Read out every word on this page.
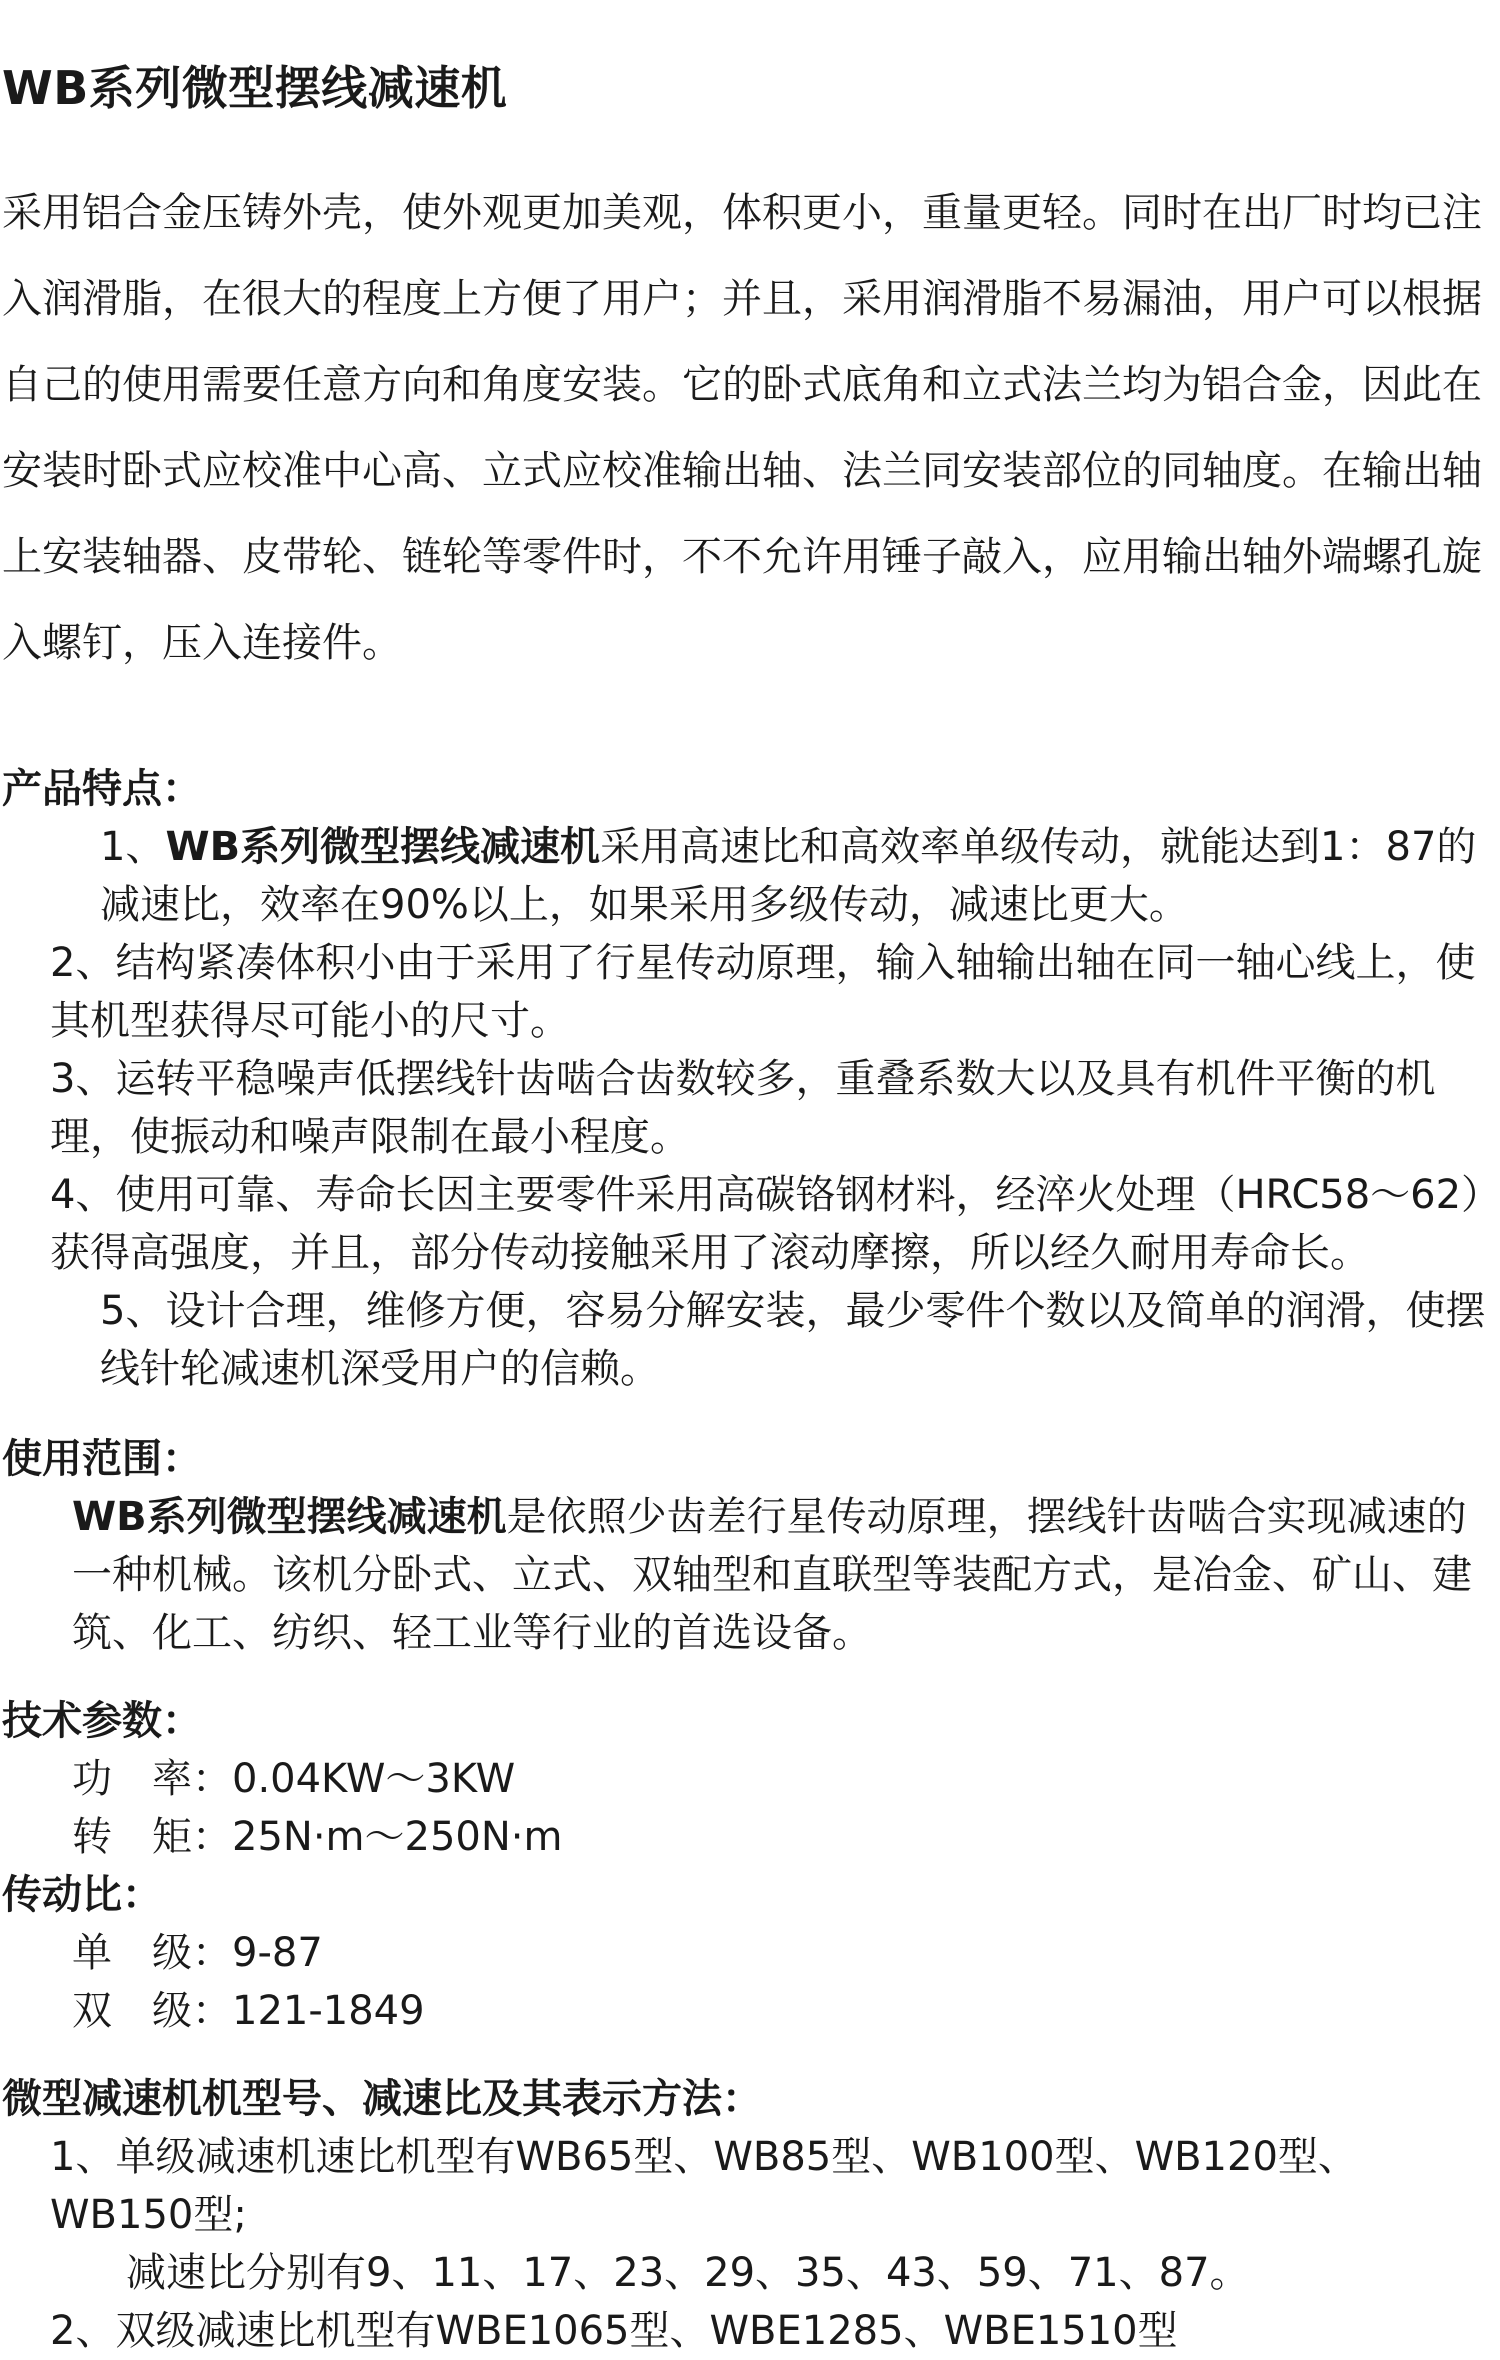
WB系列微型摆线减速机
采用铝合金压铸外壳，使外观更加美观，体积更小，重量更轻。同时在出厂时均已注入润滑脂，在很大的程度上方便了用户；并且，采用润滑脂不易漏油，用户可以根据自己的使用需要任意方向和角度安装。它的卧式底角和立式法兰均为铝合金，因此在安装时卧式应校准中心高、立式应校准输出轴、法兰同安装部位的同轴度。在输出轴上安装轴器、皮带轮、链轮等零件时，不不允许用锤子敲入，应用输出轴外端螺孔旋入螺钉，压入连接件。
产品特点：
1、WB系列微型摆线减速机采用高速比和高效率单级传动，就能达到1：87的减速比，效率在90%以上，如果采用多级传动，减速比更大。
2、结构紧凑体积小由于采用了行星传动原理，输入轴输出轴在同一轴心线上，使其机型获得尽可能小的尺寸。
3、运转平稳噪声低摆线针齿啮合齿数较多，重叠系数大以及具有机件平衡的机理，使振动和噪声限制在最小程度。
4、使用可靠、寿命长因主要零件采用高碳铬钢材料，经淬火处理（HRC58～62）获得高强度，并且，部分传动接触采用了滚动摩擦，所以经久耐用寿命长。
5、设计合理，维修方便，容易分解安装，最少零件个数以及简单的润滑，使摆线针轮减速机深受用户的信赖。
使用范围：
WB系列微型摆线减速机是依照少齿差行星传动原理，摆线针齿啮合实现减速的一种机械。该机分卧式、立式、双轴型和直联型等装配方式，是冶金、矿山、建筑、化工、纺织、轻工业等行业的首选设备。
技术参数：
功　率：0.04KW～3KW
转　矩：25N·m～250N·m
传动比：
单　级：9-87
双　级：121-1849
微型减速机机型号、减速比及其表示方法：
1、单级减速机速比机型有WB65型、WB85型、WB100型、WB120型、WB150型;
减速比分别有9、11、17、23、29、35、43、59、71、87。
2、双级减速比机型有WBE1065型、WBE1285、WBE1510型
